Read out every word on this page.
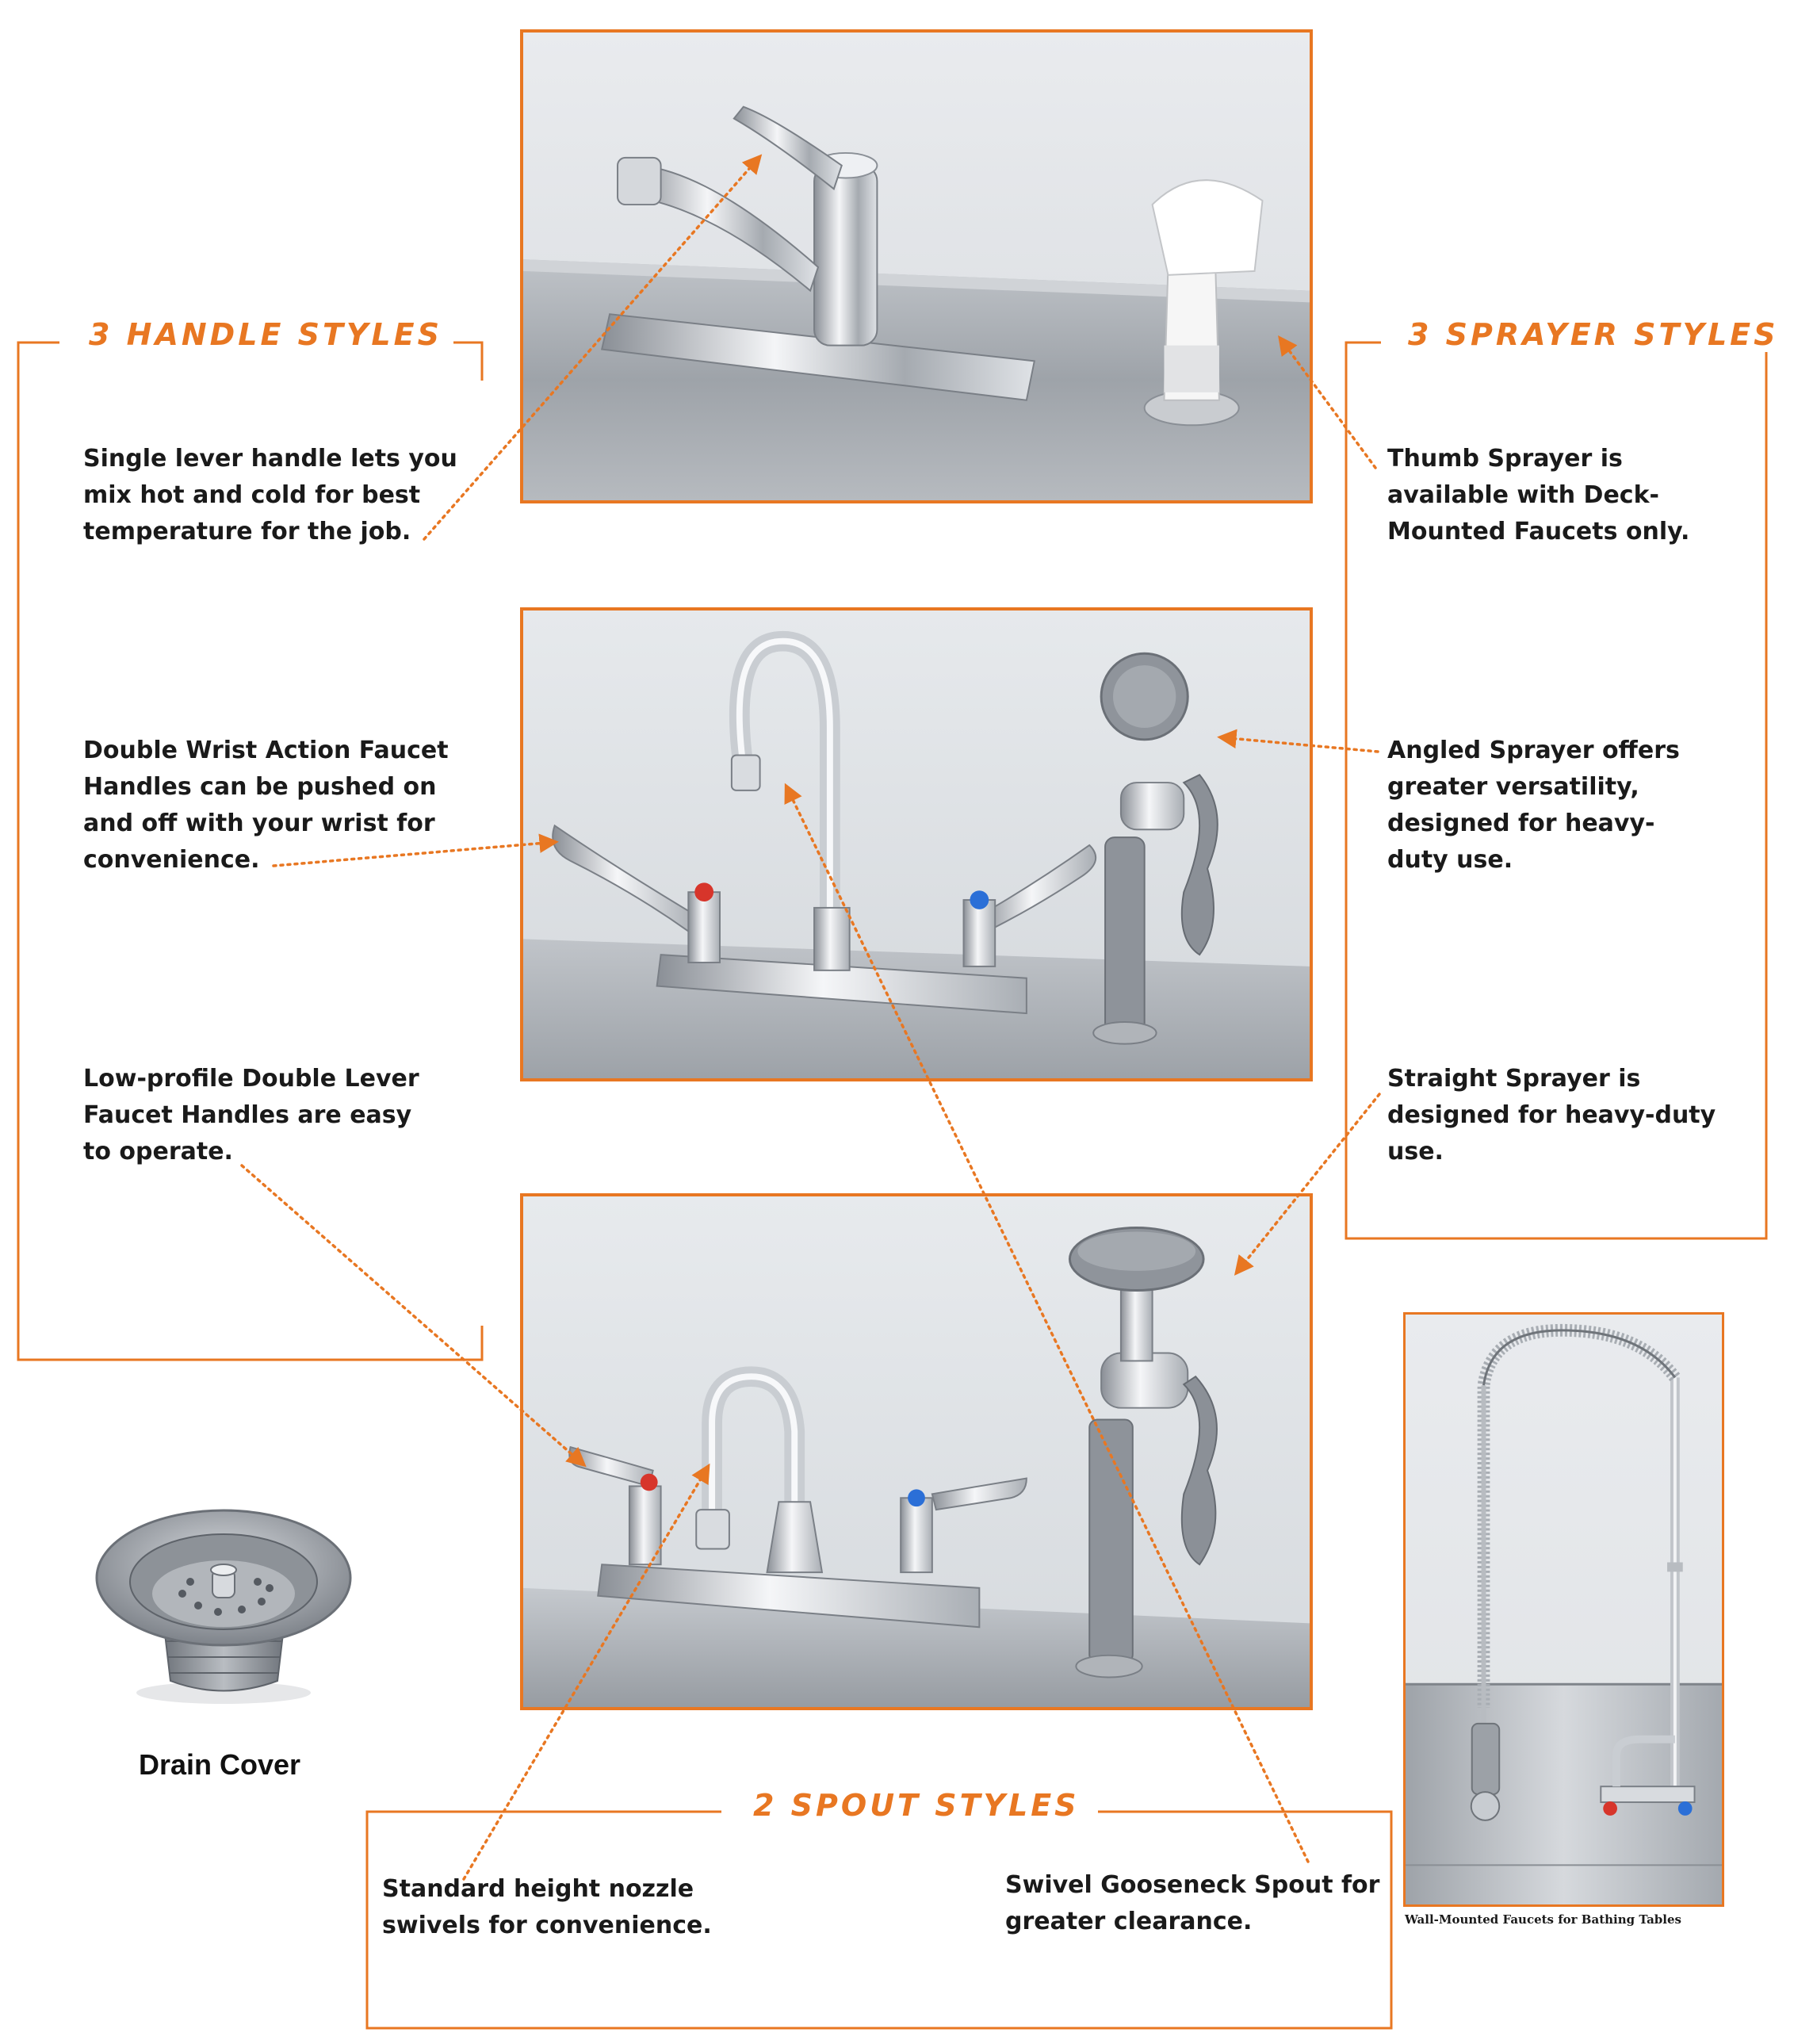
Wall-Mounted Faucets for Bathing Tables
Drain Cover
3 HANDLE STYLES	3 SPRAYER STYLES
2 SPOUT STYLES
Single lever handle lets you
mix hot and cold for best
temperature for the job.
Double Wrist Action Faucet
Handles can be pushed on
and off with your wrist for
convenience.
Low-profile Double Lever
Faucet Handles are easy
to operate.
Thumb Sprayer is
available with Deck-
Mounted Faucets only.
Angled Sprayer offers
greater versatility,
designed for heavy-
duty use.
Straight Sprayer is
designed for heavy-duty
use.
Standard height nozzle
swivels for convenience.
Swivel Gooseneck Spout for
greater clearance.
